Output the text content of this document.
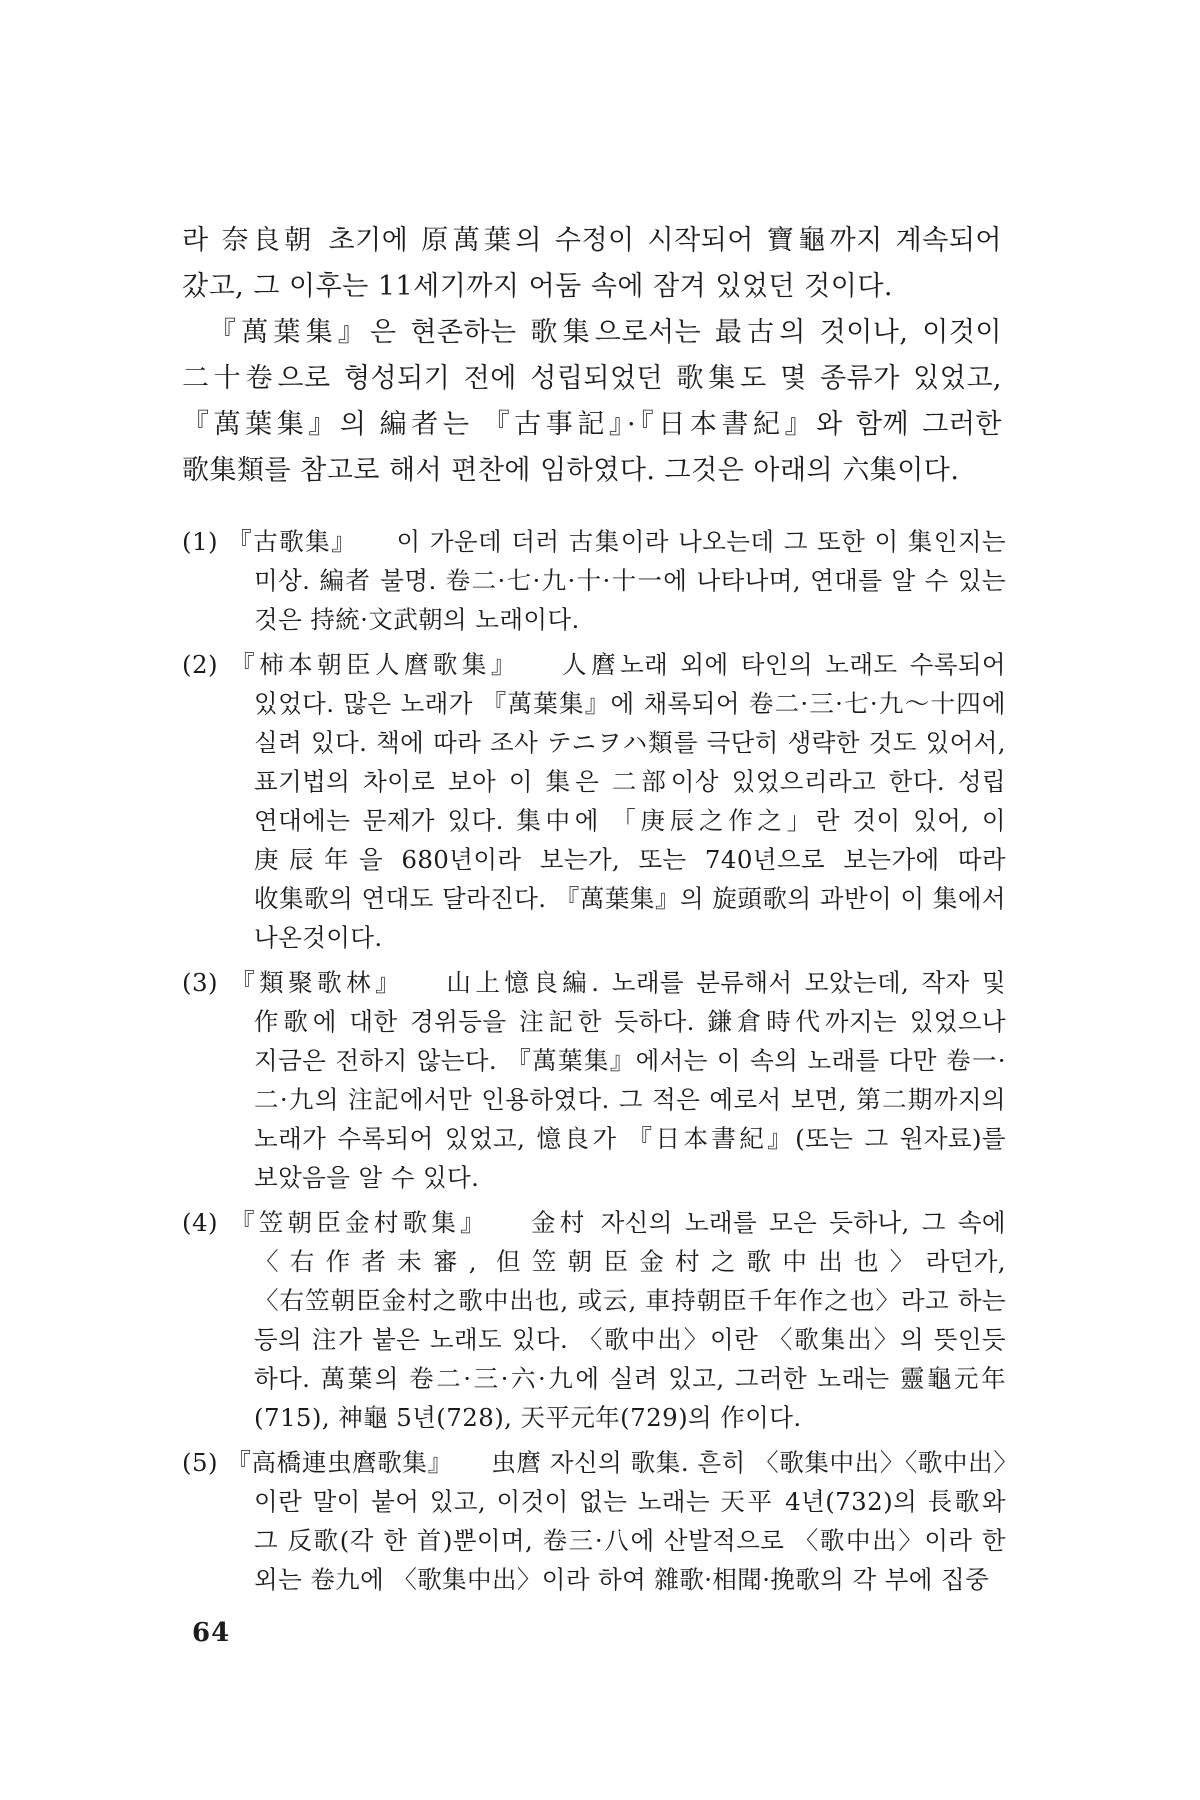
라 奈良朝 초기에 原萬葉의 수정이 시작되어 寶龜까지 계속되어 갔고, 그 이후는 11세기까지 어둠 속에 잠겨 있었던 것이다.

『萬葉集』은 현존하는 歌集으로서는 最古의 것이나, 이것이 二十卷으로 형성되기 전에 성립되었던 歌集도 몇 종류가 있었고, 『萬葉集』의 編者는 『古事記』·『日本書紀』와 함께 그러한 歌集類를 참고로 해서 편찬에 임하였다. 그것은 아래의 六集이다.

(1) 『古歌集』 이 가운데 더러 古集이라 나오는데 그 또한 이 集인지는 미상. 編者 불명. 卷二·七·九·十·十一에 나타나며, 연대를 알 수 있는 것은 持統·文武朝의 노래이다.
(2) 『柿本朝臣人麿歌集』 人麿노래 외에 타인의 노래도 수록되어 있었다. 많은 노래가 『萬葉集』에 채록되어 卷二·三·七·九～十四에 실려 있다. 책에 따라 조사 テニヲハ類를 극단히 생략한 것도 있어서, 표기법의 차이로 보아 이 集은 二部이상 있었으리라고 한다. 성립 연대에는 문제가 있다. 集中에 「庚辰之作之」란 것이 있어, 이 庚辰年을 680년이라 보는가, 또는 740년으로 보는가에 따라 收集歌의 연대도 달라진다. 『萬葉集』의 旋頭歌의 과반이 이 集에서 나온것이다.
(3) 『類聚歌林』 山上憶良編. 노래를 분류해서 모았는데, 작자 및 作歌에 대한 경위등을 注記한 듯하다. 鎌倉時代까지는 있었으나 지금은 전하지 않는다. 『萬葉集』에서는 이 속의 노래를 다만 卷一·二·九의 注記에서만 인용하였다. 그 적은 예로서 보면, 第二期까지의 노래가 수록되어 있었고, 憶良가 『日本書紀』(또는 그 원자료)를 보았음을 알 수 있다.
(4) 『笠朝臣金村歌集』 金村 자신의 노래를 모은 듯하나, 그 속에 〈右作者未審, 但笠朝臣金村之歌中出也〉라던가, 〈右笠朝臣金村之歌中出也, 或云, 車持朝臣千年作之也〉라고 하는 등의 注가 붙은 노래도 있다. 〈歌中出〉이란 〈歌集出〉의 뜻인듯 하다. 萬葉의 卷二·三·六·九에 실려 있고, 그러한 노래는 靈龜元年(715), 神龜 5년(728), 天平元年(729)의 作이다.
(5) 『高橋連虫麿歌集』 虫麿 자신의 歌集. 흔히 〈歌集中出〉〈歌中出〉이란 말이 붙어 있고, 이것이 없는 노래는 天平 4년(732)의 長歌와 그 反歌(각 한 首)뿐이며, 卷三·八에 산발적으로 〈歌中出〉이라 한 외는 卷九에 〈歌集中出〉이라 하여 雜歌·相聞·挽歌의 각 부에 집중
64
